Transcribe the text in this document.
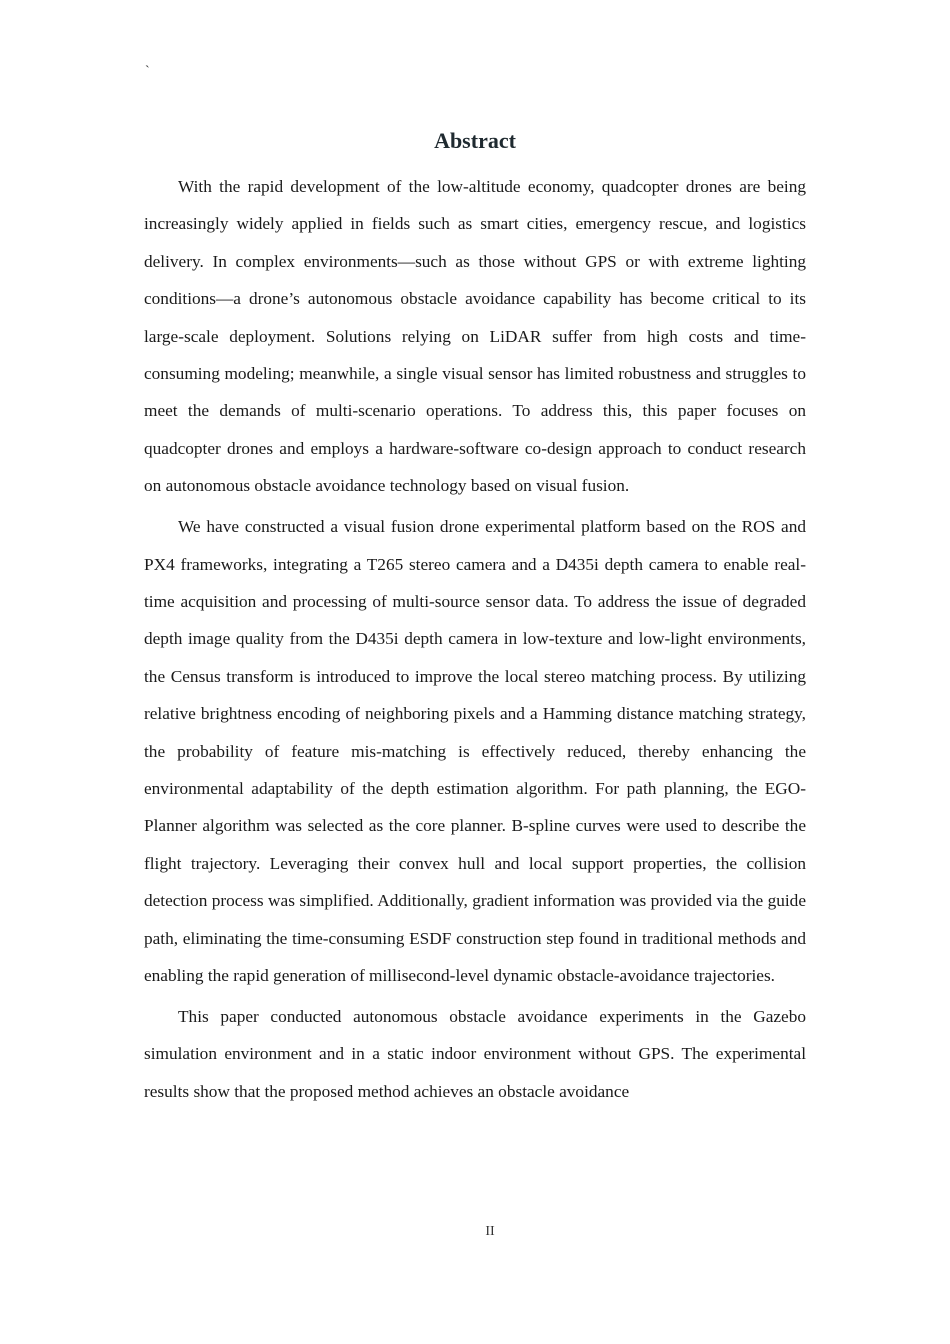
`
Abstract

With the rapid development of the low-altitude economy, quadcopter drones are being increasingly widely applied in fields such as smart cities, emergency rescue, and logistics delivery. In complex environments—such as those without GPS or with extreme lighting conditions—a drone’s autonomous obstacle avoidance capability has become critical to its large-scale deployment. Solutions relying on LiDAR suffer from high costs and time-consuming modeling; meanwhile, a single visual sensor has limited robustness and struggles to meet the demands of multi-scenario operations. To address this, this paper focuses on quadcopter drones and employs a hardware-software co-design approach to conduct research on autonomous obstacle avoidance technology based on visual fusion.

We have constructed a visual fusion drone experimental platform based on the ROS and PX4 frameworks, integrating a T265 stereo camera and a D435i depth camera to enable real-time acquisition and processing of multi-source sensor data. To address the issue of degraded depth image quality from the D435i depth camera in low-texture and low-light environments, the Census transform is introduced to improve the local stereo matching process. By utilizing relative brightness encoding of neighboring pixels and a Hamming distance matching strategy, the probability of feature mis-matching is effectively reduced, thereby enhancing the environmental adaptability of the depth estimation algorithm. For path planning, the EGO-Planner algorithm was selected as the core planner. B-spline curves were used to describe the flight trajectory. Leveraging their convex hull and local support properties, the collision detection process was simplified. Additionally, gradient information was provided via the guide path, eliminating the time-consuming ESDF construction step found in traditional methods and enabling the rapid generation of millisecond-level dynamic obstacle-avoidance trajectories.

This paper conducted autonomous obstacle avoidance experiments in the Gazebo simulation environment and in a static indoor environment without GPS. The experimental results show that the proposed method achieves an obstacle avoidance

II
